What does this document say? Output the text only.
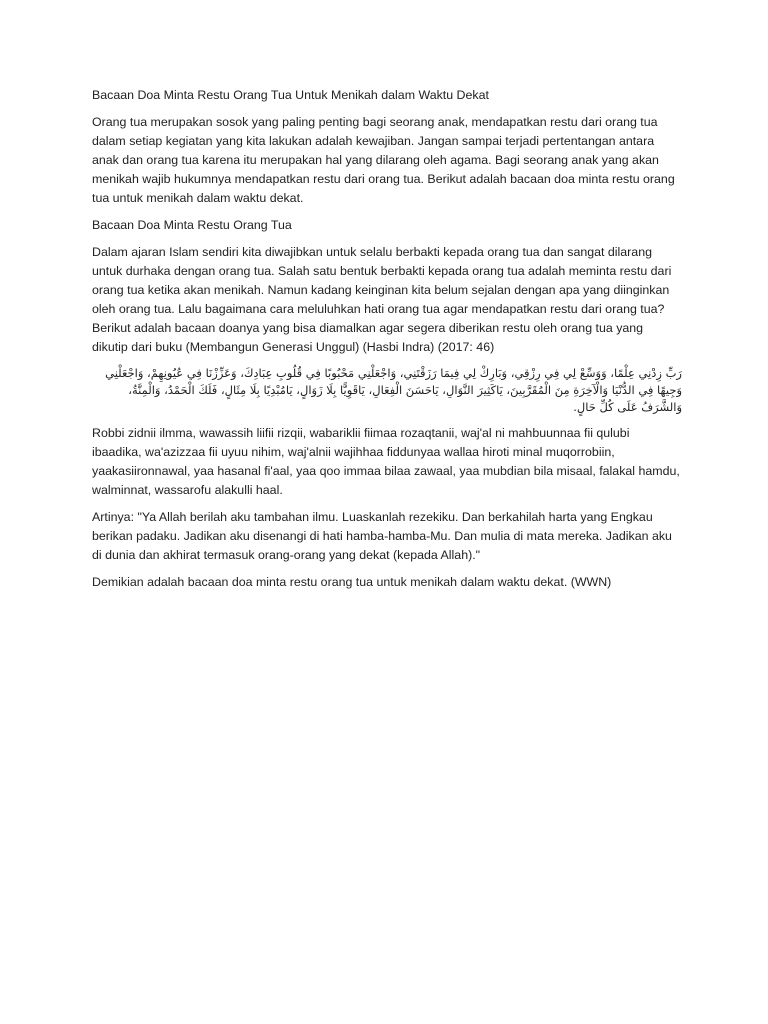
Bacaan Doa Minta Restu Orang Tua Untuk Menikah dalam Waktu Dekat

Orang tua merupakan sosok yang paling penting bagi seorang anak, mendapatkan restu dari orang tua dalam setiap kegiatan yang kita lakukan adalah kewajiban. Jangan sampai terjadi pertentangan antara anak dan orang tua karena itu merupakan hal yang dilarang oleh agama. Bagi seorang anak yang akan menikah wajib hukumnya mendapatkan restu dari orang tua. Berikut adalah bacaan doa minta restu orang tua untuk menikah dalam waktu dekat.

Bacaan Doa Minta Restu Orang Tua

Dalam ajaran Islam sendiri kita diwajibkan untuk selalu berbakti kepada orang tua dan sangat dilarang untuk durhaka dengan orang tua. Salah satu bentuk berbakti kepada orang tua adalah meminta restu dari orang tua ketika akan menikah. Namun kadang keinginan kita belum sejalan dengan apa yang diinginkan oleh orang tua. Lalu bagaimana cara meluluhkan hati orang tua agar mendapatkan restu dari orang tua? Berikut adalah bacaan doanya yang bisa diamalkan agar segera diberikan restu oleh orang tua yang dikutip dari buku (Membangun Generasi Unggul) (Hasbi Indra) (2017: 46)

رَبِّ زِدْنِي عِلْمًا، وَوَسِّعْ لِي فِي رِزْقِي، وَبَارِكْ لِي فِيمَا رَزَقْتَنِي، وَاجْعَلْنِي مَحْبُوبًا فِي قُلُوبِ عِبَادِكَ، وَعَزِّزْنَا فِي عُيُونِهِمْ، وَاجْعَلْنِي وَجِيهًا فِي الدُّنْيَا وَالْآخِرَةِ مِنَ الْمُقَرَّبِينَ، يَاكَثِيرَ النَّوَالِ، يَاحَسَنَ الْفِعَالِ، يَاقَوِيًّا بِلَا زَوَالٍ، يَامُبْدِيًا بِلَا مِثَالٍ، فَلَكَ الْحَمْدُ، وَالْمِنَّةُ، وَالشَّرَفُ عَلَى كُلِّ حَالٍ.

Robbi zidnii ilmma, wawassih liifii rizqii, wabariklii fiimaa rozaqtanii, waj'al ni mahbuunnaa fii qulubi ibaadika, wa'azizzaa fii uyuu nihim, waj'alnii wajihhaa fiddunyaa wallaa hiroti minal muqorrobiin, yaakasiironnawal, yaa hasanal fi'aal, yaa qoo immaa bilaa zawaal, yaa mubdian bila misaal, falakal hamdu, walminnat, wassarofu alakulli haal.

Artinya: "Ya Allah berilah aku tambahan ilmu. Luaskanlah rezekiku. Dan berkahilah harta yang Engkau berikan padaku. Jadikan aku disenangi di hati hamba-hamba-Mu. Dan mulia di mata mereka. Jadikan aku di dunia dan akhirat termasuk orang-orang yang dekat (kepada Allah)."

Demikian adalah bacaan doa minta restu orang tua untuk menikah dalam waktu dekat. (WWN)
